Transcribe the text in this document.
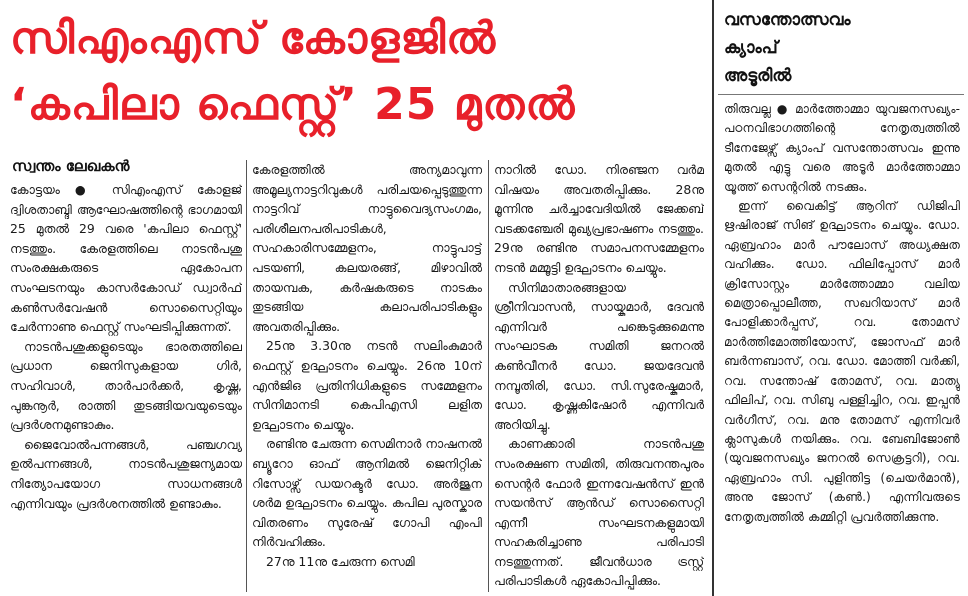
സിഎംഎസ് കോളജിൽ
‘കപിലാ ഫെസ്റ്റ്’ 25 മുതൽ
സ്വന്തം ലേഖകൻ

കോട്ടയം ● സിഎംഎസ് കോളജ് ദ്വിശതാബ്ദി ആഘോഷത്തിന്റെ ഭാഗമായി 25 മുതൽ 29 വരെ 'കപിലാ ഫെസ്റ്റ്' നടത്തും. കേരളത്തിലെ നാടൻപശു സംരക്ഷകരുടെ ഏകോപന സംഘടനയും കാസർകോഡ് ഡ്വാർഫ് കൺസർവേഷൻ സൊസൈറ്റിയും ചേർന്നാണു ഫെസ്റ്റ് സംഘടിപ്പിക്കുന്നത്.

നാടൻപശുക്കളുടെയും ഭാരതത്തിലെ പ്രധാന ജെനിസുകളായ ഗിർ, സഹിവാൾ, താർപാർക്കർ, കൃഷ്ണ, പുങ്കനൂർ, രാത്തി തുടങ്ങിയവയുടെയും പ്രദർശനമുണ്ടാകും.

ജൈവോൽപന്നങ്ങൾ, പഞ്ചഗവ്യ ഉൽപന്നങ്ങൾ, നാടൻപശുജന്യമായ നിത്യോപയോഗ സാധനങ്ങൾ എന്നിവയും പ്രദർശനത്തിൽ ഉണ്ടാകും.

കേരളത്തിൽ അന്യമാവുന്ന അമൂല്യനാട്ടറിവുകൾ പരിചയപ്പെടുത്തുന്ന നാട്ടറിവ് നാട്ടുവൈദ്യസംഗമം, പരിശീലനപരിപാടികൾ, സഹകാരിസമ്മേളനം, നാട്ടുപാട്ട് പടയണി, കലയരങ്ങ്, മിഴാവിൽ തായമ്പക, കർഷകരുടെ നാടകം തുടങ്ങിയ കലാപരിപാടികളും അവതരിപ്പിക്കും.

25നു 3.30നു നടൻ സലിംകുമാർ ഫെസ്റ്റ് ഉദ്ഘാടനം ചെയ്യും. 26നു 10ന് എൻജിഒ പ്രതിനിധികളുടെ സമ്മേളനം സിനിമാനടി കെപിഎസി ലളിത ഉദ്ഘാടനം ചെയ്യും.

രണ്ടിനു ചേരുന്ന സെമിനാർ നാഷനൽ ബ്യൂറോ ഓഫ് ആനിമൽ ജെനിറ്റിക് റിസോഴ്സ് ഡയറക്ടർ ഡോ. അർജുന ശർമ ഉദ്ഘാടനം ചെയ്യും. കപില പുരസ്കാര വിതരണം സുരേഷ് ഗോപി എംപി നിർവഹിക്കും.

27നു 11നു ചേരുന്ന സെമി

നാറിൽ ഡോ. നിരഞ്ജന വർമ വിഷയം അവതരിപ്പിക്കും. 28നു മൂന്നിനു ചർച്ചാവേദിയിൽ ജേക്കബ് വടക്കഞ്ചേരി മുഖ്യപ്രഭാഷണം നടത്തും. 29നു രണ്ടിനു സമാപനസമ്മേളനം നടൻ മമ്മൂട്ടി ഉദ്ഘാടനം ചെയ്യും.

സിനിമാതാരങ്ങളായ ശ്രീനിവാസൻ, സായ്കുമാർ, ദേവൻ എന്നിവർ പങ്കെടുക്കുമെന്നു സംഘാടക സമിതി ജനറൽ കൺവീനർ ഡോ. ജയദേവൻ നമ്പൂതിരി, ഡോ. സി.സുരേഷ്കുമാർ, ഡോ. കൃഷ്ണകിഷോർ എന്നിവർ അറിയിച്ചു.

കാണക്കാരി നാടൻപശു സംരക്ഷണ സമിതി, തിരുവനന്തപുരം സെന്റർ ഫോർ ഇന്നവേഷൻസ് ഇൻ സയൻസ് ആൻഡ് സൊസൈറ്റി എന്നീ സംഘടനകളുമായി സഹകരിച്ചാണു പരിപാടി നടത്തുന്നത്. ജീവൻധാര ട്രസ്റ്റ് പരിപാടികൾ ഏകോപിപ്പിക്കും.

വസന്തോത്സവം
ക്യാംപ്
അടൂരിൽ

തിരുവല്ല ● മാർത്തോമ്മാ യുവജനസഖ്യം-പഠനവിഭാഗത്തിന്റെ നേതൃത്വത്തിൽ ടീനേജേഴ്സ് ക്യാംപ് വസന്തോത്സവം ഇന്നു മുതൽ എട്ടു വരെ അടൂർ മാർത്തോമ്മാ യൂത്ത് സെന്ററിൽ നടക്കും.

ഇന്ന് വൈകിട്ട് ആറിന് ഡിജിപി ഋഷിരാജ് സിങ് ഉദ്ഘാടനം ചെയ്യും. ഡോ. ഏബ്രഹാം മാർ പൗലോസ് അധ്യക്ഷത വഹിക്കും. ഡോ. ഫിലിപ്പോസ് മാർ ക്രിസോസ്റ്റം മാർത്തോമ്മാ വലിയ മെത്രാപ്പൊലീത്ത, സഖറിയാസ് മാർ പോളിക്കാർപ്പസ്, റവ. തോമസ് മാർത്തിമോത്തിയോസ്, ജോസഫ് മാർ ബർന്നബാസ്, റവ. ഡോ. മോത്തി വർക്കി, റവ. സന്തോഷ് തോമസ്, റവ. മാത്യു ഫിലിപ്, റവ. സിബു പള്ളിച്ചിറ, റവ. ഇപ്പൻ വർഗീസ്, റവ. മനു തോമസ് എന്നിവർ ക്ലാസുകൾ നയിക്കും. റവ. ബേബിജോൺ (യുവജനസഖ്യം ജനറൽ സെക്രട്ടറി), റവ. ഏബ്രഹാം സി. പുളിന്തിട്ട (ചെയർമാൻ), അനു ജോസ് (കൺ.) എന്നിവരുടെ നേതൃത്വത്തിൽ കമ്മിറ്റി പ്രവർത്തിക്കുന്നു.
